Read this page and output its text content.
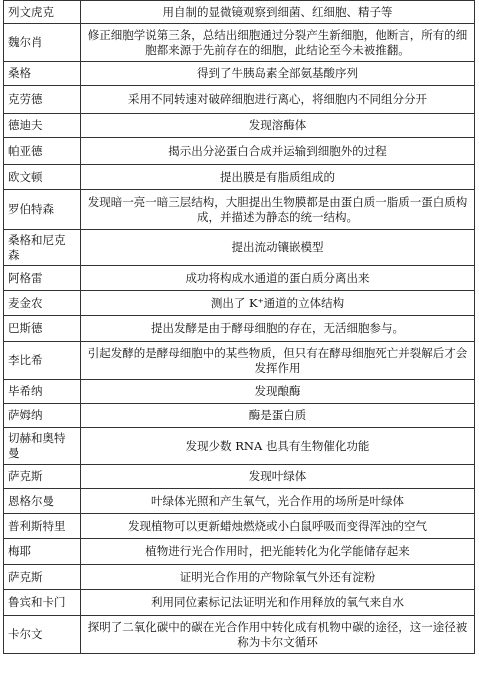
列文虎克	用自制的显微镜观察到细菌、红细胞、精子等
魏尔肖	修正细胞学说第三条，总结出细胞通过分裂产生新细胞，他断言，所有的细胞都来源于先前存在的细胞，此结论至今未被推翻。
桑格	得到了牛胰岛素全部氨基酸序列
克劳德	采用不同转速对破碎细胞进行离心，将细胞内不同组分分开
德迪夫	发现溶酶体
帕亚德	揭示出分泌蛋白合成并运输到细胞外的过程
欧文顿	提出膜是有脂质组成的
罗伯特森	发现暗一亮一暗三层结构，大胆提出生物膜都是由蛋白质一脂质一蛋白质构成，并描述为静态的统一结构。
桑格和尼克森	提出流动镶嵌模型
阿格雷	成功将构成水通道的蛋白质分离出来
麦金农	测出了 K⁺通道的立体结构
巴斯德	提出发酵是由于酵母细胞的存在，无活细胞参与。
李比希	引起发酵的是酵母细胞中的某些物质，但只有在酵母细胞死亡并裂解后才会发挥作用
毕希纳	发现酿酶
萨姆纳	酶是蛋白质
切赫和奥特曼	发现少数 RNA 也具有生物催化功能
萨克斯	发现叶绿体
恩格尔曼	叶绿体光照和产生氧气，光合作用的场所是叶绿体
普利斯特里	发现植物可以更新蜡烛燃烧或小白鼠呼吸而变得浑浊的空气
梅耶	植物进行光合作用时，把光能转化为化学能储存起来
萨克斯	证明光合作用的产物除氧气外还有淀粉
鲁宾和卡门	利用同位素标记法证明光和作用释放的氧气来自水
卡尔文	探明了二氧化碳中的碳在光合作用中转化成有机物中碳的途径，这一途径被称为卡尔文循环
